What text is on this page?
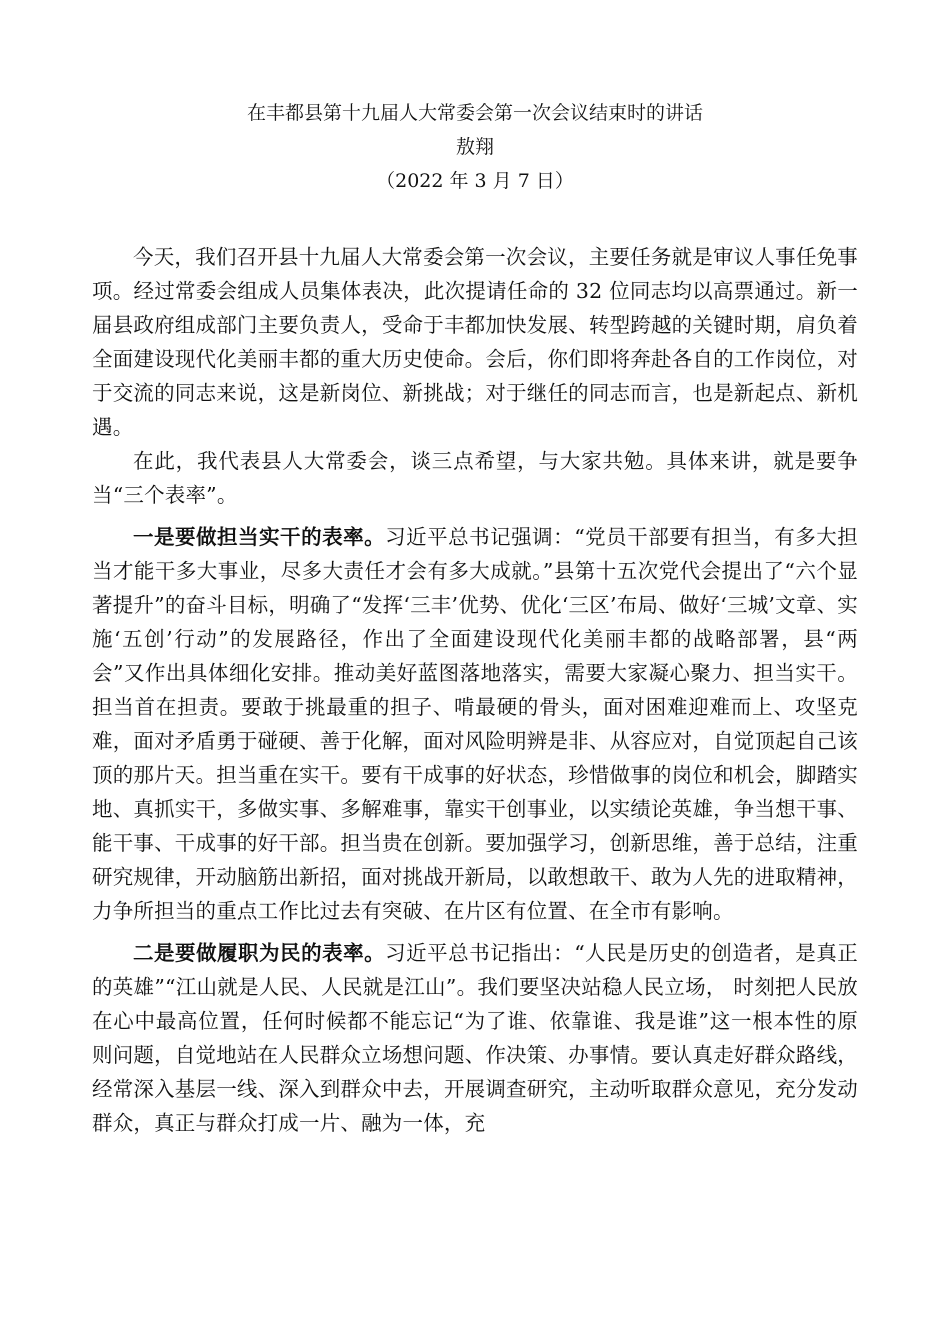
在丰都县第十九届人大常委会第一次会议结束时的讲话

敖翔

（2022 年 3 月 7 日）

今天，我们召开县十九届人大常委会第一次会议，主要任务就是审议人事任免事项。经过常委会组成人员集体表决，此次提请任命的 32 位同志均以高票通过。新一届县政府组成部门主要负责人，受命于丰都加快发展、转型跨越的关键时期，肩负着全面建设现代化美丽丰都的重大历史使命。会后，你们即将奔赴各自的工作岗位，对于交流的同志来说，这是新岗位、新挑战；对于继任的同志而言，也是新起点、新机遇。

在此，我代表县人大常委会，谈三点希望，与大家共勉。具体来讲，就是要争当“三个表率”。

一是要做担当实干的表率。习近平总书记强调：“党员干部要有担当，有多大担当才能干多大事业，尽多大责任才会有多大成就。”县第十五次党代会提出了“六个显著提升”的奋斗目标，明确了“发挥‘三丰’优势、优化‘三区’布局、做好‘三城’文章、实施‘五创’行动”的发展路径，作出了全面建设现代化美丽丰都的战略部署，县“两会”又作出具体细化安排。推动美好蓝图落地落实，需要大家凝心聚力、担当实干。担当首在担责。要敢于挑最重的担子、啃最硬的骨头，面对困难迎难而上、攻坚克难，面对矛盾勇于碰硬、善于化解，面对风险明辨是非、从容应对，自觉顶起自己该顶的那片天。担当重在实干。要有干成事的好状态，珍惜做事的岗位和机会，脚踏实地、真抓实干，多做实事、多解难事，靠实干创事业，以实绩论英雄，争当想干事、能干事、干成事的好干部。担当贵在创新。要加强学习，创新思维，善于总结，注重研究规律，开动脑筋出新招，面对挑战开新局，以敢想敢干、敢为人先的进取精神，力争所担当的重点工作比过去有突破、在片区有位置、在全市有影响。

二是要做履职为民的表率。习近平总书记指出：“人民是历史的创造者，是真正的英雄”“江山就是人民、人民就是江山”。我们要坚决站稳人民立场， 时刻把人民放在心中最高位置，任何时候都不能忘记“为了谁、依靠谁、我是谁”这一根本性的原则问题，自觉地站在人民群众立场想问题、作决策、办事情。要认真走好群众路线，经常深入基层一线、深入到群众中去，开展调查研究，主动听取群众意见，充分发动群众，真正与群众打成一片、融为一体，充
